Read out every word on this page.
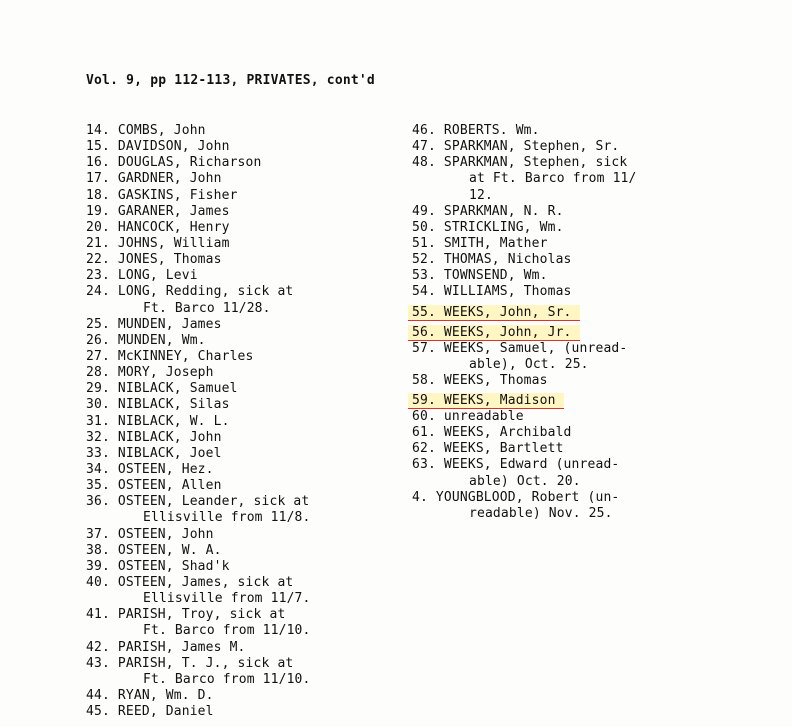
Vol. 9, pp 112-113, PRIVATES, cont'd
14. COMBS, John
15. DAVIDSON, John
16. DOUGLAS, Richarson
17. GARDNER, John
18. GASKINS, Fisher
19. GARANER, James
20. HANCOCK, Henry
21. JOHNS, William
22. JONES, Thomas
23. LONG, Levi
24. LONG, Redding, sick at
Ft. Barco 11/28.
25. MUNDEN, James
26. MUNDEN, Wm.
27. McKINNEY, Charles
28. MORY, Joseph
29. NIBLACK, Samuel
30. NIBLACK, Silas
31. NIBLACK, W. L.
32. NIBLACK, John
33. NIBLACK, Joel
34. OSTEEN, Hez.
35. OSTEEN, Allen
36. OSTEEN, Leander, sick at
Ellisville from 11/8.
37. OSTEEN, John
38. OSTEEN, W. A.
39. OSTEEN, Shad'k
40. OSTEEN, James, sick at
Ellisville from 11/7.
41. PARISH, Troy, sick at
Ft. Barco from 11/10.
42. PARISH, James M.
43. PARISH, T. J., sick at
Ft. Barco from 11/10.
44. RYAN, Wm. D.
45. REED, Daniel
46. ROBERTS. Wm.
47. SPARKMAN, Stephen, Sr.
48. SPARKMAN, Stephen, sick
at Ft. Barco from 11/
12.
49. SPARKMAN, N. R.
50. STRICKLING, Wm.
51. SMITH, Mather
52. THOMAS, Nicholas
53. TOWNSEND, Wm.
54. WILLIAMS, Thomas
55. WEEKS, John, Sr.
56. WEEKS, John, Jr.
57. WEEKS, Samuel, (unread-
able), Oct. 25.
58. WEEKS, Thomas
59. WEEKS, Madison
60. unreadable
61. WEEKS, Archibald
62. WEEKS, Bartlett
63. WEEKS, Edward (unread-
able) Oct. 20.
4. YOUNGBLOOD, Robert (un-
readable) Nov. 25.
